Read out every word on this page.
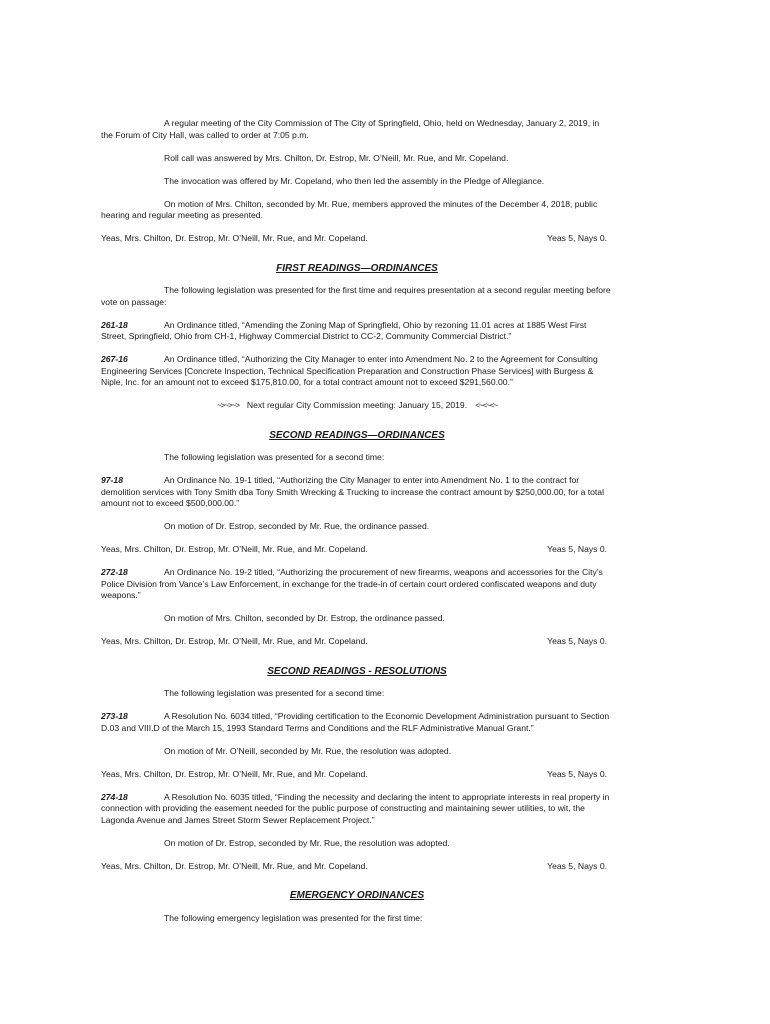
A regular meeting of the City Commission of The City of Springfield, Ohio, held on Wednesday, January 2, 2019, in the Forum of City Hall, was called to order at 7:05 p.m.

Roll call was answered by Mrs. Chilton, Dr. Estrop, Mr. O’Neill, Mr. Rue, and Mr. Copeland.

The invocation was offered by Mr. Copeland, who then led the assembly in the Pledge of Allegiance.

On motion of Mrs. Chilton, seconded by Mr. Rue, members approved the minutes of the December 4, 2018, public hearing and regular meeting as presented.

Yeas, Mrs. Chilton, Dr. Estrop, Mr. O’Neill, Mr. Rue, and Mr. Copeland.	Yeas 5, Nays 0.
FIRST READINGS—ORDINANCES

The following legislation was presented for the first time and requires presentation at a second regular meeting before vote on passage:

261-18	An Ordinance titled, “Amending the Zoning Map of Springfield, Ohio by rezoning 11.01 acres at 1885 West First Street, Springfield, Ohio from CH-1, Highway Commercial District to CC-2, Community Commercial District.”

267-16	An Ordinance titled, “Authorizing the City Manager to enter into Amendment No. 2 to the Agreement for Consulting Engineering Services [Concrete Inspection, Technical Specification Preparation and Construction Phase Services] with Burgess & Niple, Inc. for an amount not to exceed $175,810.00, for a total contract amount not to exceed $291,560.00.”

~>~>~> Next regular City Commission meeting: January 15, 2019. <~<~<~
SECOND READINGS—ORDINANCES

The following legislation was presented for a second time:

97-18	An Ordinance No. 19-1 titled, “Authorizing the City Manager to enter into Amendment No. 1 to the contract for demolition services with Tony Smith dba Tony Smith Wrecking & Trucking to increase the contract amount by $250,000.00, for a total amount not to exceed $500,000.00.”

On motion of Dr. Estrop, seconded by Mr. Rue, the ordinance passed.

Yeas, Mrs. Chilton, Dr. Estrop, Mr. O’Neill, Mr. Rue, and Mr. Copeland.	Yeas 5, Nays 0.

272-18	An Ordinance No. 19-2 titled, “Authorizing the procurement of new firearms, weapons and accessories for the City’s Police Division from Vance’s Law Enforcement, in exchange for the trade-in of certain court ordered confiscated weapons and duty weapons.”

On motion of Mrs. Chilton, seconded by Dr. Estrop, the ordinance passed.

Yeas, Mrs. Chilton, Dr. Estrop, Mr. O’Neill, Mr. Rue, and Mr. Copeland.	Yeas 5, Nays 0.
SECOND READINGS - RESOLUTIONS

The following legislation was presented for a second time:

273-18	A Resolution No. 6034 titled, “Providing certification to the Economic Development Administration pursuant to Section D.03 and VIII.D of the March 15, 1993 Standard Terms and Conditions and the RLF Administrative Manual Grant.”

On motion of Mr. O’Neill, seconded by Mr. Rue, the resolution was adopted.

Yeas, Mrs. Chilton, Dr. Estrop, Mr. O’Neill, Mr. Rue, and Mr. Copeland.	Yeas 5, Nays 0.

274-18	A Resolution No. 6035 titled, “Finding the necessity and declaring the intent to appropriate interests in real property in connection with providing the easement needed for the public purpose of constructing and maintaining sewer utilities, to wit, the Lagonda Avenue and James Street Storm Sewer Replacement Project.”

On motion of Dr. Estrop, seconded by Mr. Rue, the resolution was adopted.

Yeas, Mrs. Chilton, Dr. Estrop, Mr. O’Neill, Mr. Rue, and Mr. Copeland.	Yeas 5, Nays 0.
EMERGENCY ORDINANCES

The following emergency legislation was presented for the first time:
